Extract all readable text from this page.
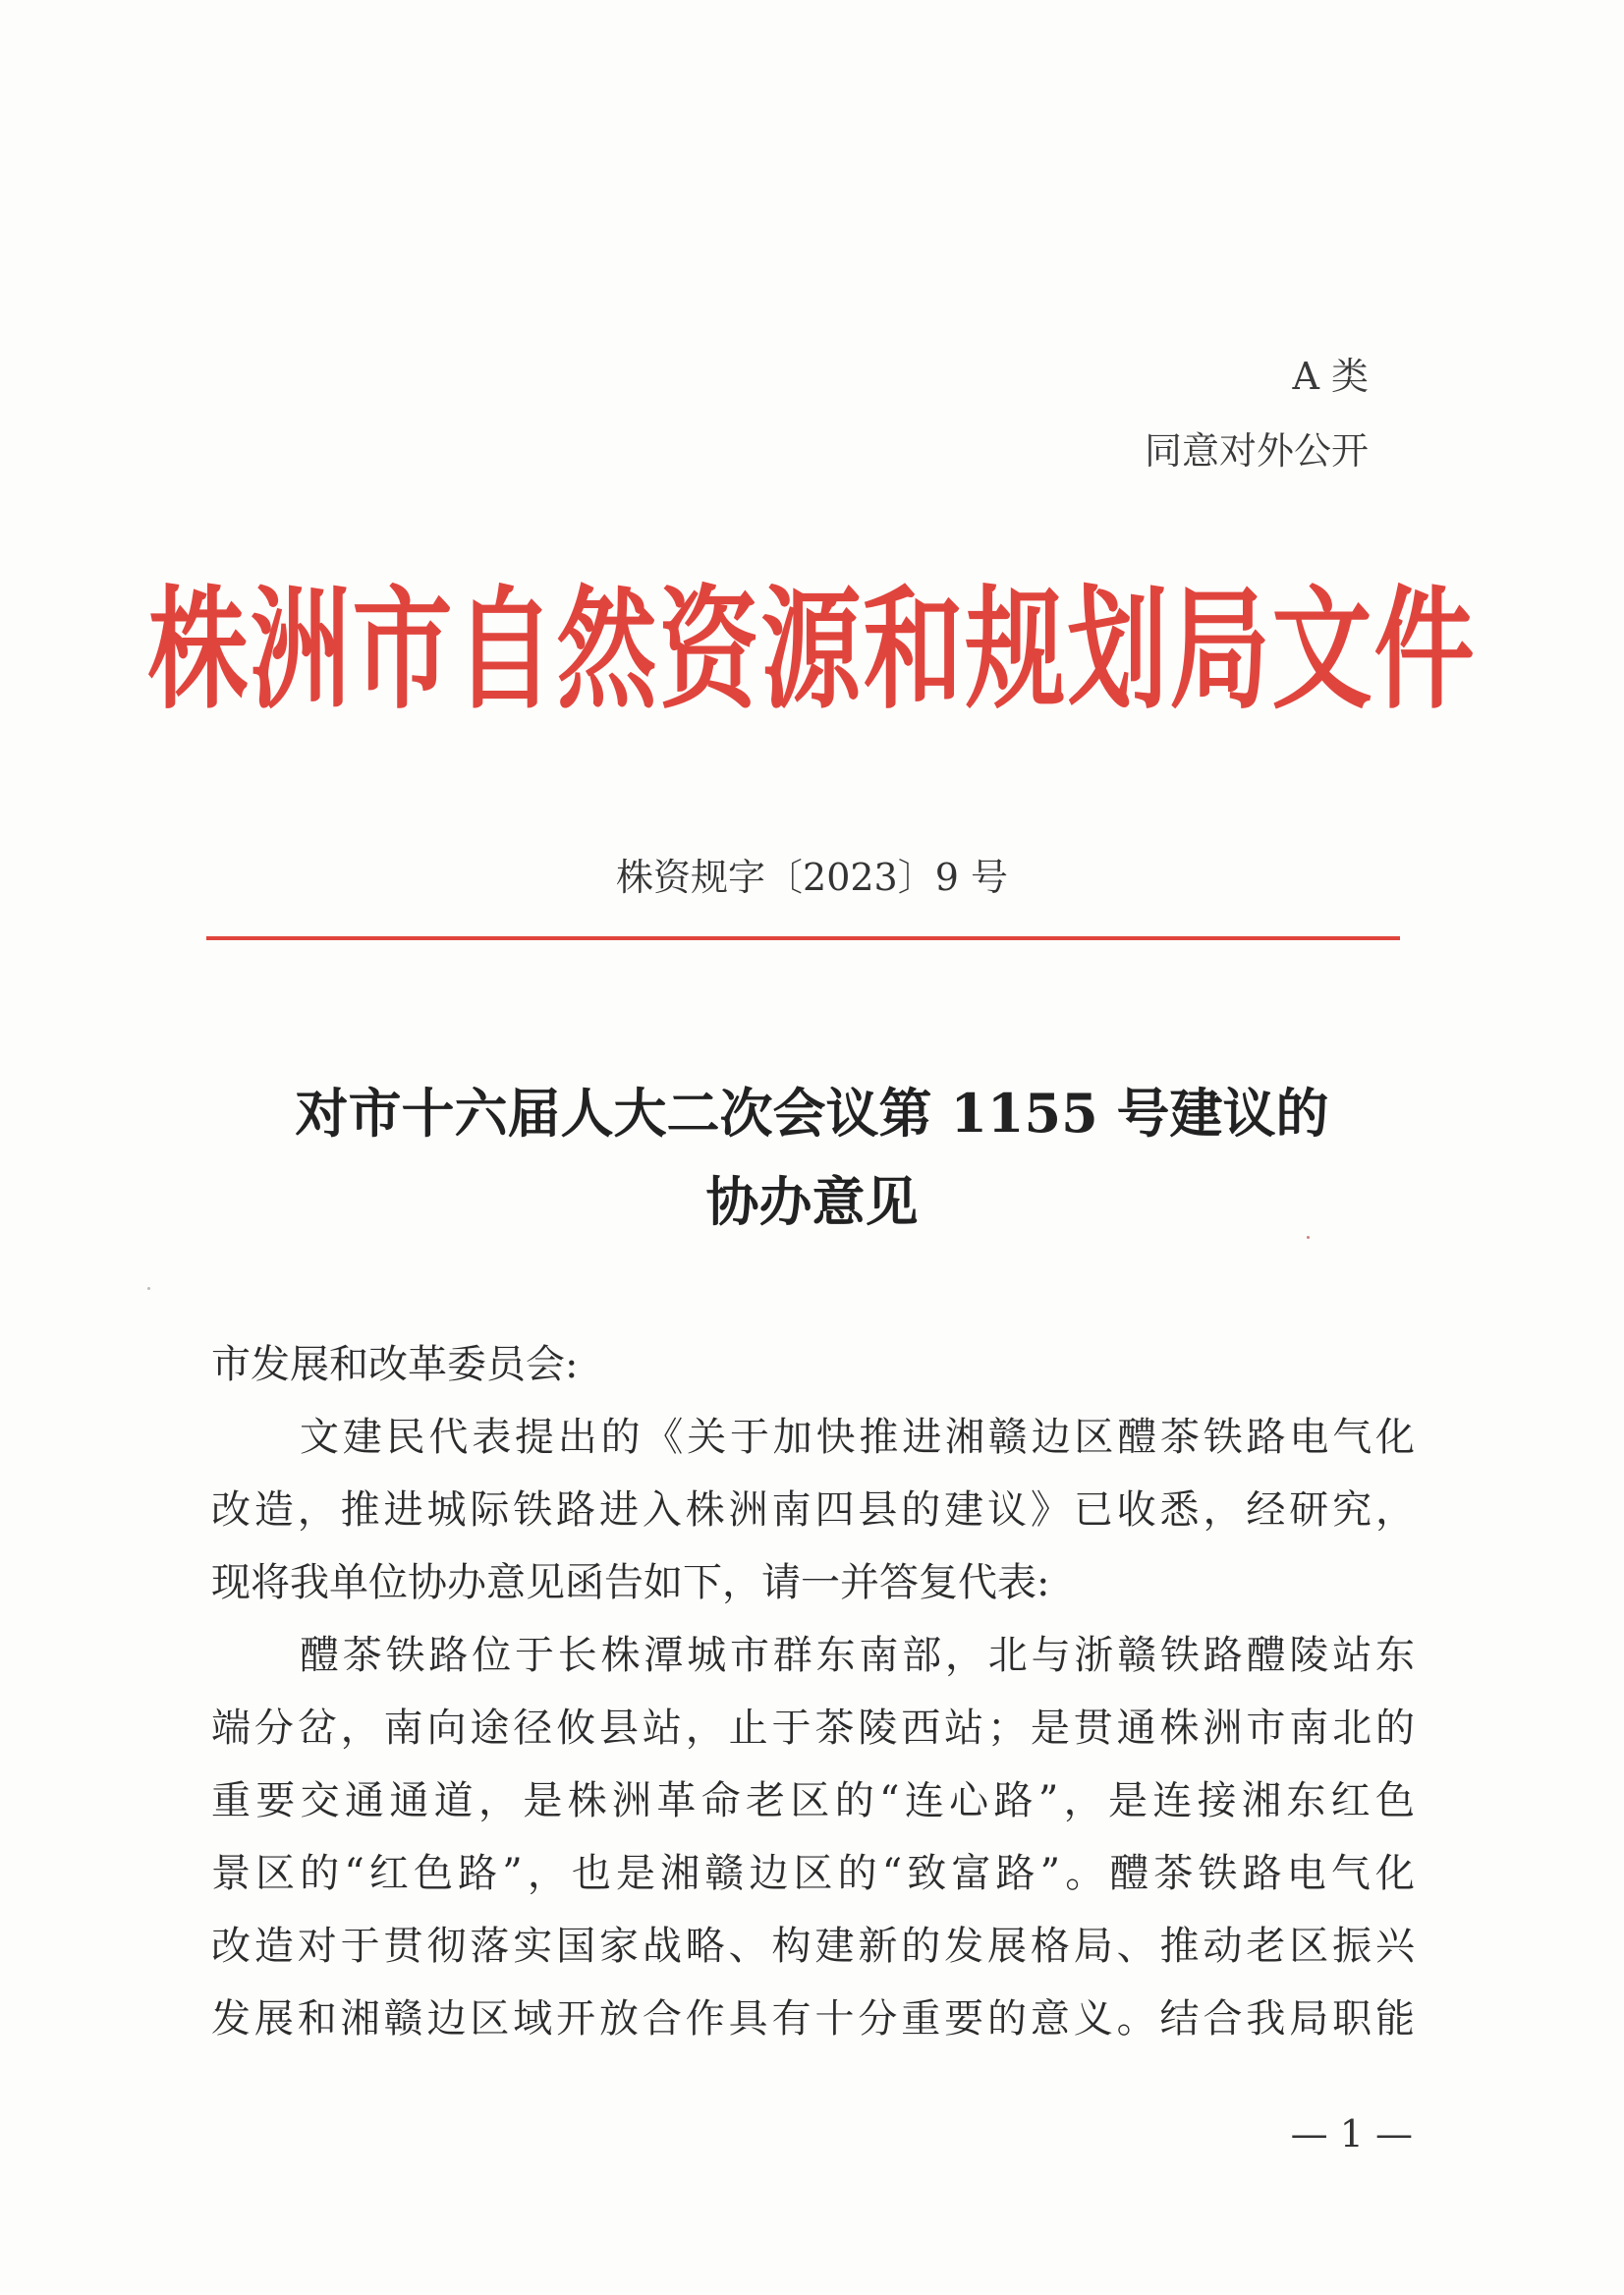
A 类
同意对外公开
株洲市自然资源和规划局文件
株资规字〔2023〕9 号
对市十六届人大二次会议第 1155 号建议的
协办意见
市发展和改革委员会:
文建民代表提出的《关于加快推进湘赣边区醴茶铁路电气化
改造，推进城际铁路进入株洲南四县的建议》已收悉，经研究，
现将我单位协办意见函告如下，请一并答复代表:
醴茶铁路位于长株潭城市群东南部，北与浙赣铁路醴陵站东
端分岔，南向途径攸县站，止于茶陵西站；是贯通株洲市南北的
重要交通通道，是株洲革命老区的“连心路”，是连接湘东红色
景区的“红色路”，也是湘赣边区的“致富路”。醴茶铁路电气化
改造对于贯彻落实国家战略、构建新的发展格局、推动老区振兴
发展和湘赣边区域开放合作具有十分重要的意义。结合我局职能
— 1 —
